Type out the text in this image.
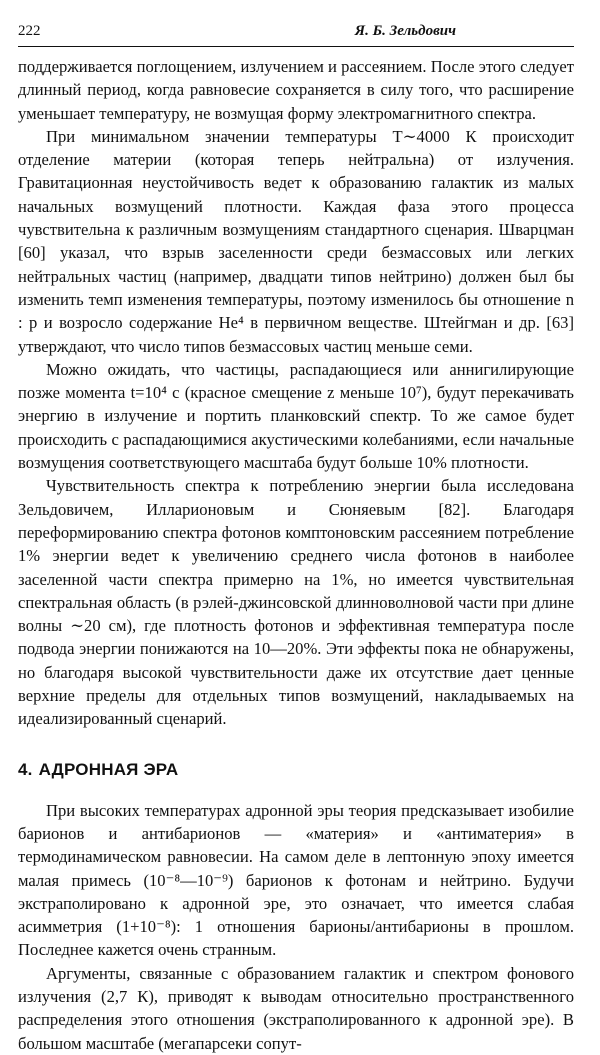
222	Я. Б. Зельдович

поддерживается поглощением, излучением и рассеянием. После этого следует длинный период, когда равновесие сохраняется в силу того, что расширение уменьшает температуру, не возмущая форму электромагнитного спектра.

При минимальном значении температуры T∼4000 К происходит отделение материи (которая теперь нейтральна) от излучения. Гравитационная неустойчивость ведет к образованию галактик из малых начальных возмущений плотности. Каждая фаза этого процесса чувствительна к различным возмущениям стандартного сценария. Шварцман [60] указал, что взрыв заселенности среди безмассовых или легких нейтральных частиц (например, двадцати типов нейтрино) должен был бы изменить темп изменения температуры, поэтому изменилось бы отношение n : p и возросло содержание He⁴ в первичном веществе. Штейгман и др. [63] утверждают, что число типов безмассовых частиц меньше семи.

Можно ожидать, что частицы, распадающиеся или аннигилирующие позже момента t=10⁴ с (красное смещение z меньше 10⁷), будут перекачивать энергию в излучение и портить планковский спектр. То же самое будет происходить с распадающимися акустическими колебаниями, если начальные возмущения соответствующего масштаба будут больше 10% плотности.

Чувствительность спектра к потреблению энергии была исследована Зельдовичем, Илларионовым и Сюняевым [82]. Благодаря переформированию спектра фотонов комптоновским рассеянием потребление 1% энергии ведет к увеличению среднего числа фотонов в наиболее заселенной части спектра примерно на 1%, но имеется чувствительная спектральная область (в рэлей-джинсовской длинноволновой части при длине волны ∼20 см), где плотность фотонов и эффективная температура после подвода энергии понижаются на 10—20%. Эти эффекты пока не обнаружены, но благодаря высокой чувствительности даже их отсутствие дает ценные верхние пределы для отдельных типов возмущений, накладываемых на идеализированный сценарий.

4. АДРОННАЯ ЭРА

При высоких температурах адронной эры теория предсказывает изобилие барионов и антибарионов — «материя» и «антиматерия» в термодинамическом равновесии. На самом деле в лептонную эпоху имеется малая примесь (10⁻⁸—10⁻⁹) барионов к фотонам и нейтрино. Будучи экстраполировано к адронной эре, это означает, что имеется слабая асимметрия (1+10⁻⁸): 1 отношения барионы/антибарионы в прошлом. Последнее кажется очень странным.

Аргументы, связанные с образованием галактик и спектром фонового излучения (2,7 К), приводят к выводам относительно пространственного распределения этого отношения (экстраполированного к адронной эре). В большом масштабе (мегапарсеки сопут-
